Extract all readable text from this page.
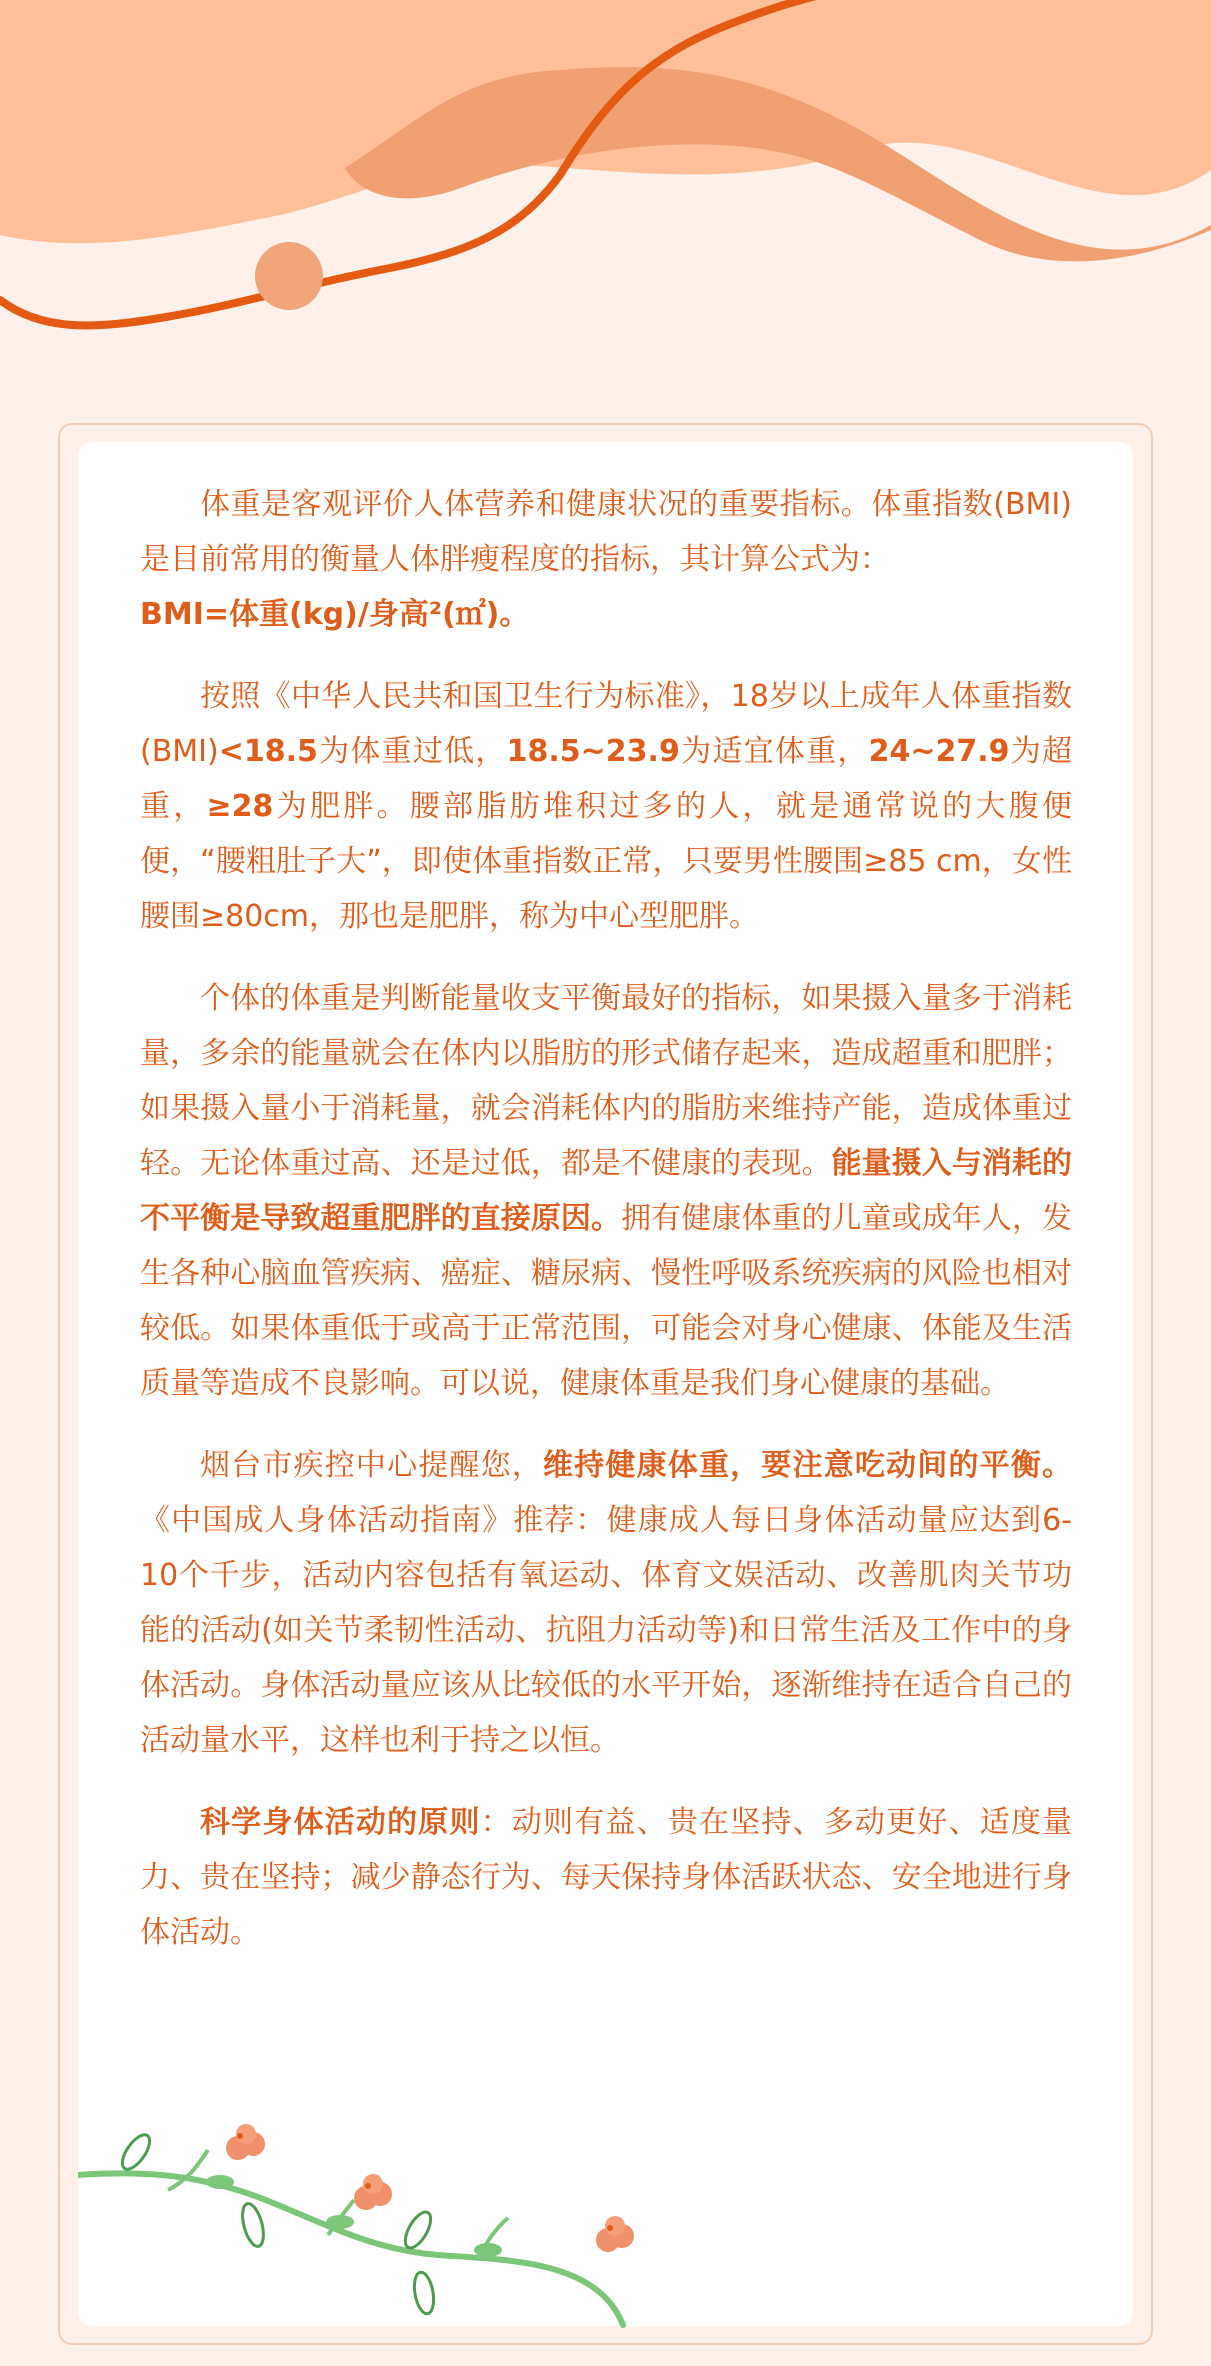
体重是客观评价人体营养和健康状况的重要指标。体重指数(BMI)是目前常用的衡量人体胖瘦程度的指标，其计算公式为：
BMI=体重(kg)/身高²(㎡)。

按照《中华人民共和国卫生行为标准》，18岁以上成年人体重指数(BMI)<18.5为体重过低，18.5~23.9为适宜体重，24~27.9为超重，≥28为肥胖。腰部脂肪堆积过多的人，就是通常说的大腹便便，“腰粗肚子大”，即使体重指数正常，只要男性腰围≥85 cm，女性腰围≥80cm，那也是肥胖，称为中心型肥胖。

个体的体重是判断能量收支平衡最好的指标，如果摄入量多于消耗量，多余的能量就会在体内以脂肪的形式储存起来，造成超重和肥胖；如果摄入量小于消耗量，就会消耗体内的脂肪来维持产能，造成体重过轻。无论体重过高、还是过低，都是不健康的表现。能量摄入与消耗的不平衡是导致超重肥胖的直接原因。拥有健康体重的儿童或成年人，发生各种心脑血管疾病、癌症、糖尿病、慢性呼吸系统疾病的风险也相对较低。如果体重低于或高于正常范围，可能会对身心健康、体能及生活质量等造成不良影响。可以说，健康体重是我们身心健康的基础。

烟台市疾控中心提醒您，维持健康体重，要注意吃动间的平衡。《中国成人身体活动指南》推荐：健康成人每日身体活动量应达到6-10个千步，活动内容包括有氧运动、体育文娱活动、改善肌肉关节功能的活动(如关节柔韧性活动、抗阻力活动等)和日常生活及工作中的身体活动。身体活动量应该从比较低的水平开始，逐渐维持在适合自己的活动量水平，这样也利于持之以恒。

科学身体活动的原则：动则有益、贵在坚持、多动更好、适度量力、贵在坚持；减少静态行为、每天保持身体活跃状态、安全地进行身体活动。
